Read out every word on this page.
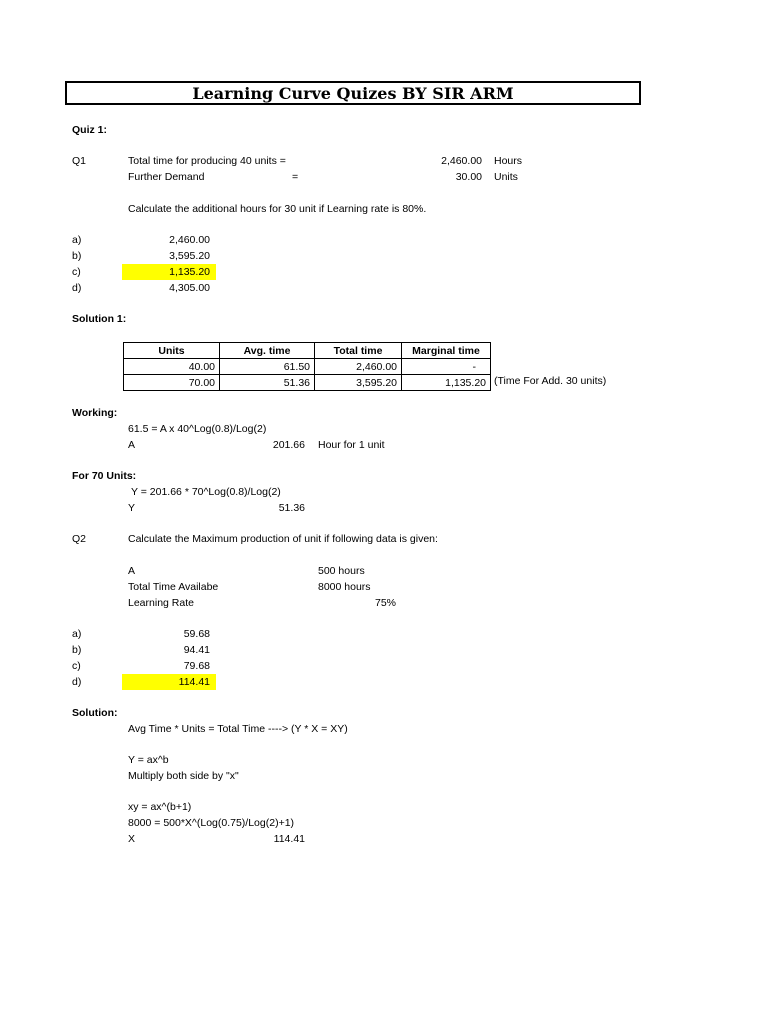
Learning Curve Quizes BY SIR ARM
Quiz 1:
Q1	Total time for producing 40 units =	2,460.00 Hours
Further Demand	=	30.00 Units
Calculate the additional hours for 30 unit if Learning rate is 80%.
a)	2,460.00
b)	3,595.20
c)	1,135.20
d)	4,305.00
Solution 1:
Units	Avg. time	Total time	Marginal time
40.00	61.50	2,460.00	-
70.00	51.36	3,595.20	1,135.20 (Time For Add. 30 units)
Working:
61.5 = A x 40^Log(0.8)/Log(2)
A	201.66 Hour for 1 unit
For 70 Units:
Y = 201.66 * 70^Log(0.8)/Log(2)
Y	51.36
Q2	Calculate the Maximum production of unit if following data is given:
A	500 hours
Total Time Availabe	8000 hours
Learning Rate	75%
a)	59.68
b)	94.41
c)	79.68
d)	114.41
Solution:
Avg Time * Units = Total Time ----> (Y * X = XY)
Y = ax^b
Multiply both side by "x"
xy = ax^(b+1)
8000 = 500*X^(Log(0.75)/Log(2)+1)
X	114.41
